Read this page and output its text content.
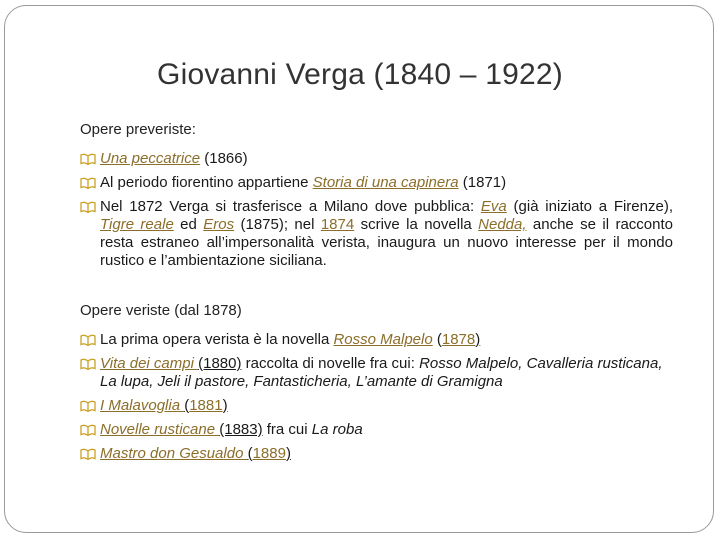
Giovanni Verga (1840 – 1922)
Opere preveriste:
Una peccatrice (1866)
Al periodo fiorentino appartiene Storia di una capinera (1871)
Nel 1872 Verga si trasferisce a Milano dove pubblica: Eva (già iniziato a Firenze), Tigre reale ed Eros (1875); nel 1874 scrive la novella Nedda, anche se il racconto resta estraneo all’impersonalità verista, inaugura un nuovo interesse per il mondo rustico e l’ambientazione siciliana.
Opere veriste (dal 1878)
La prima opera verista è la novella Rosso Malpelo (1878)
Vita dei campi (1880) raccolta di novelle fra cui: Rosso Malpelo, Cavalleria rusticana, La lupa, Jeli il pastore, Fantasticheria, L’amante di Gramigna
I Malavoglia (1881)
Novelle rusticane (1883) fra cui La roba
Mastro don Gesualdo (1889)
